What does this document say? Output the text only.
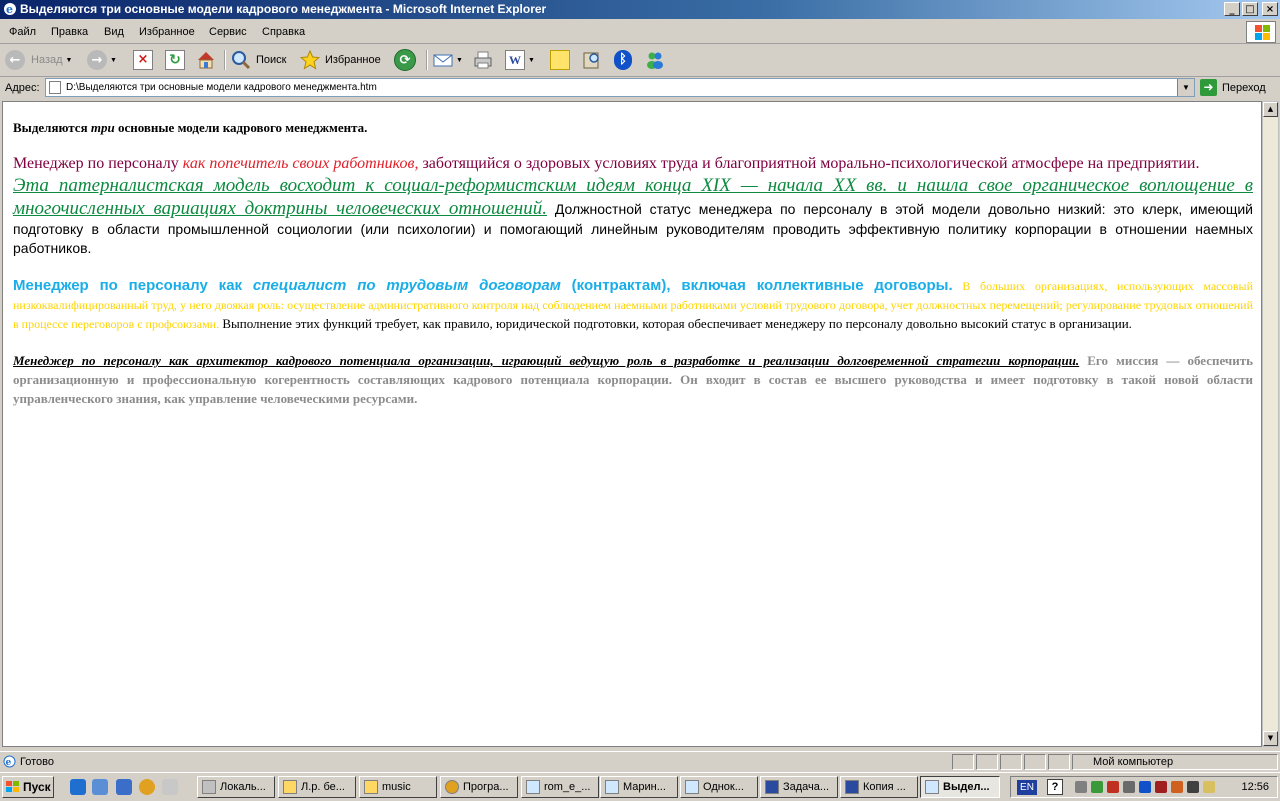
e Выделяются три основные модели кадрового менеджмента - Microsoft Internet Explorer	_	□	×
Файл Правка Вид Избранное Сервис Справка
← Назад ▼	→	▼	×	↻	Поиск	Избранное	⟳	▼	W	▼	ᛒ
Адрес:	D:\Выделяются три основные модели кадрового менеджмента.htm	▼	➜ Переход

Выделяются три основные модели кадрового менеджмента.

Менеджер по персоналу как попечитель своих работников, заботящийся о здоровых условиях труда и благоприятной морально-психологической атмосфере на предприятии.

Эта патерналистская модель восходит к социал-реформистским идеям конца XIX — начала XX вв. и нашла свое органическое воплощение в многочисленных вариациях доктрины человеческих отношений. Должностной статус менеджера по персоналу в этой модели довольно низкий: это клерк, имеющий подготовку в области промышленной социологии (или психологии) и помогающий линейным руководителям проводить эффективную политику корпорации в отношении наемных работников.

Менеджер по персоналу как специалист по трудовым договорам (контрактам), включая коллективные договоры. В больших организациях, использующих массовый низкоквалифицированный труд, у него двоякая роль: осуществление административного контроля над соблюдением наемными работниками условий трудового договора, учет должностных перемещений; регулирование трудовых отношений в процессе переговоров с профсоюзами. Выполнение этих функций требует, как правило, юридической подготовки, которая обеспечивает менеджеру по персоналу довольно высокий статус в организации.

Менеджер по персоналу как архитектор кадрового потенциала организации, играющий ведущую роль в разработке и реализации долговременной стратегии корпорации. Его миссия — обеспечить организационную и профессиональную когерентность составляющих кадрового потенциала корпорации. Он входит в состав ее высшего руководства и имеет подготовку в такой новой области управленческого знания, как управление человеческими ресурсами.

▲
▼
e Готово	Мой компьютер
Пуск	Локаль...	Л.р. бе...	music	Програ...	rom_e_...	Марин...	Однок...	Задача...	Копия ...	Выдел...	EN	?	12:56
